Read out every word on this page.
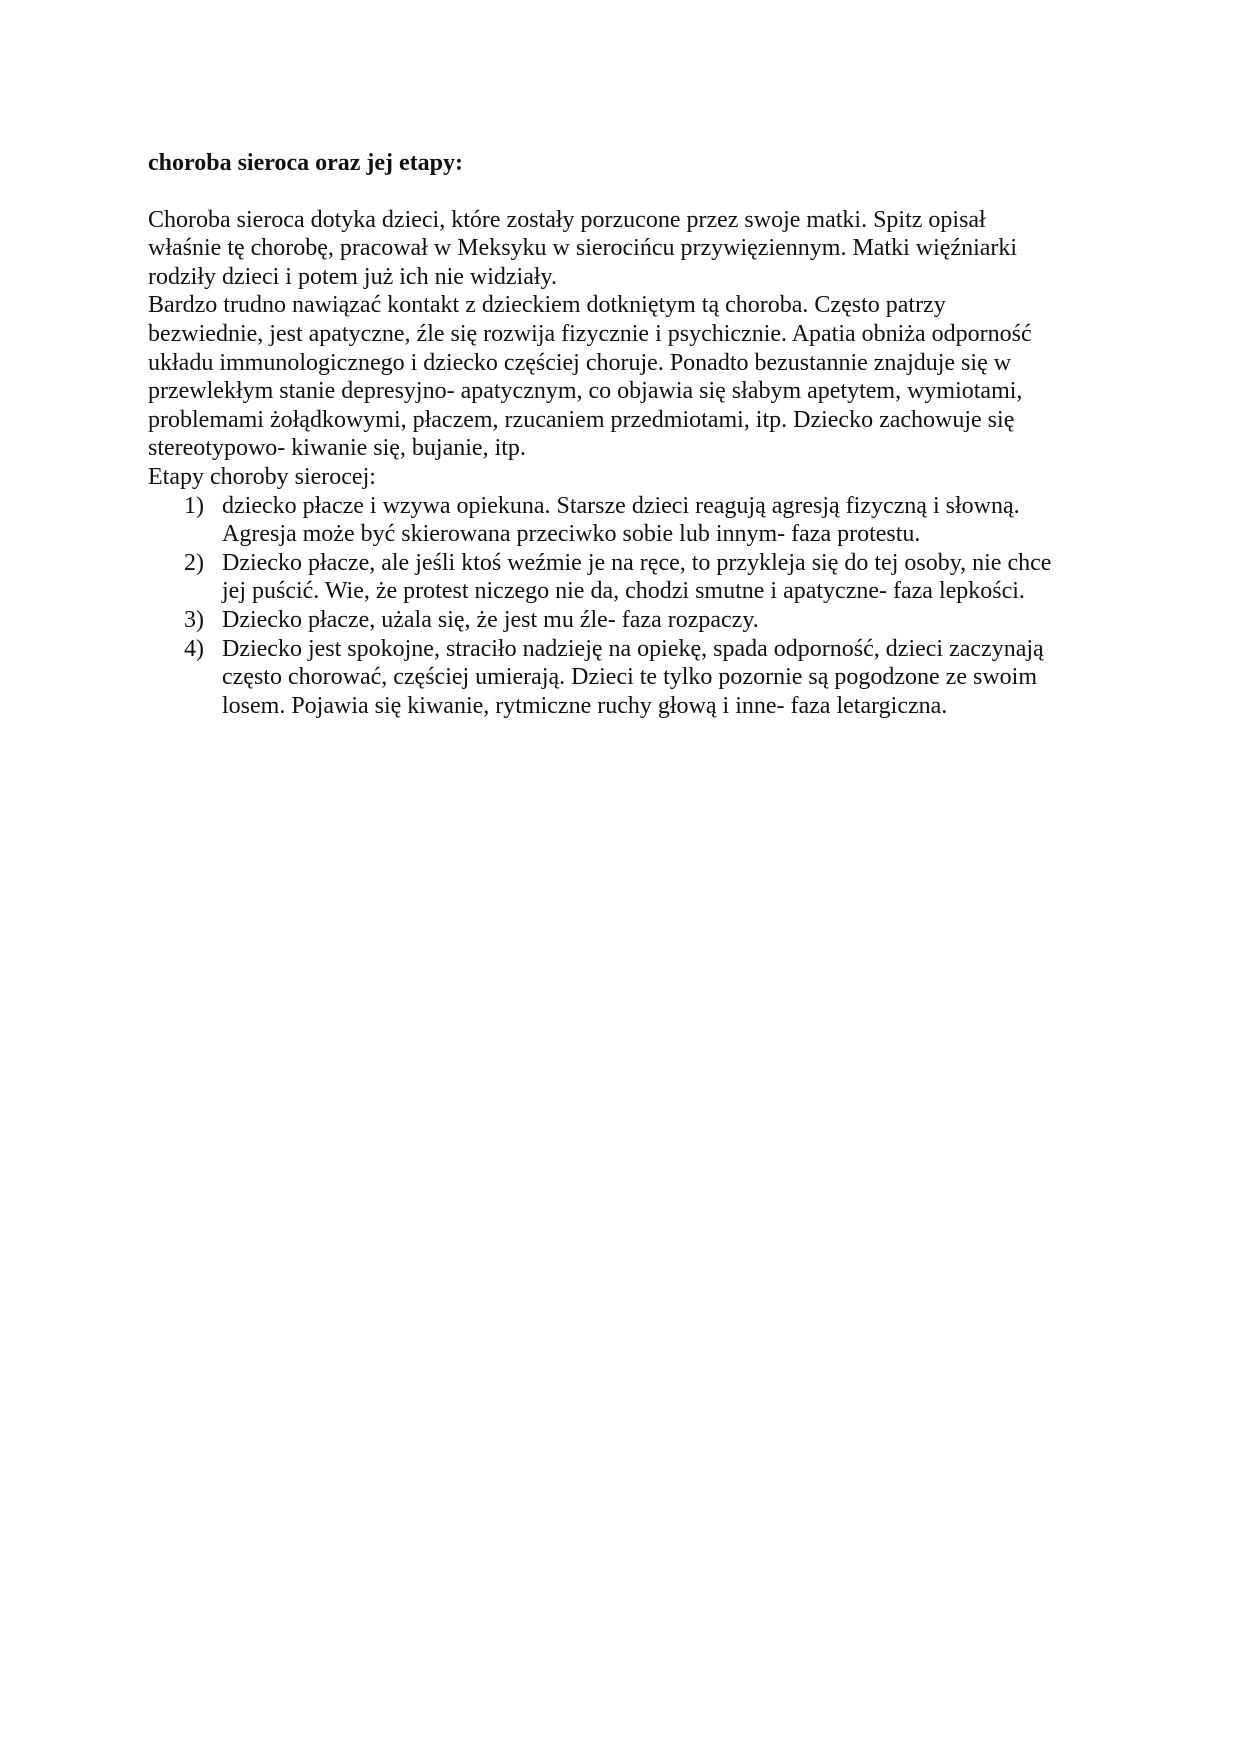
choroba sieroca oraz jej etapy:
Choroba sieroca dotyka dzieci, które zostały porzucone przez swoje matki. Spitz opisał
właśnie tę chorobę, pracował w Meksyku w sierocińcu przywięziennym. Matki więźniarki
rodziły dzieci i potem już ich nie widziały.
Bardzo trudno nawiązać kontakt z dzieckiem dotkniętym tą choroba. Często patrzy
bezwiednie, jest apatyczne, źle się rozwija fizycznie i psychicznie. Apatia obniża odporność
układu immunologicznego i dziecko częściej choruje. Ponadto bezustannie znajduje się w
przewlekłym stanie depresyjno- apatycznym, co objawia się słabym apetytem, wymiotami,
problemami żołądkowymi, płaczem, rzucaniem przedmiotami, itp. Dziecko zachowuje się
stereotypowo- kiwanie się, bujanie, itp.
Etapy choroby sierocej:
1) dziecko płacze i wzywa opiekuna. Starsze dzieci reagują agresją fizyczną i słowną.
Agresja może być skierowana przeciwko sobie lub innym- faza protestu.
2) Dziecko płacze, ale jeśli ktoś weźmie je na ręce, to przykleja się do tej osoby, nie chce
jej puścić. Wie, że protest niczego nie da, chodzi smutne i apatyczne- faza lepkości.
3) Dziecko płacze, użala się, że jest mu źle- faza rozpaczy.
4) Dziecko jest spokojne, straciło nadzieję na opiekę, spada odporność, dzieci zaczynają
często chorować, częściej umierają. Dzieci te tylko pozornie są pogodzone ze swoim
losem. Pojawia się kiwanie, rytmiczne ruchy głową i inne- faza letargiczna.
